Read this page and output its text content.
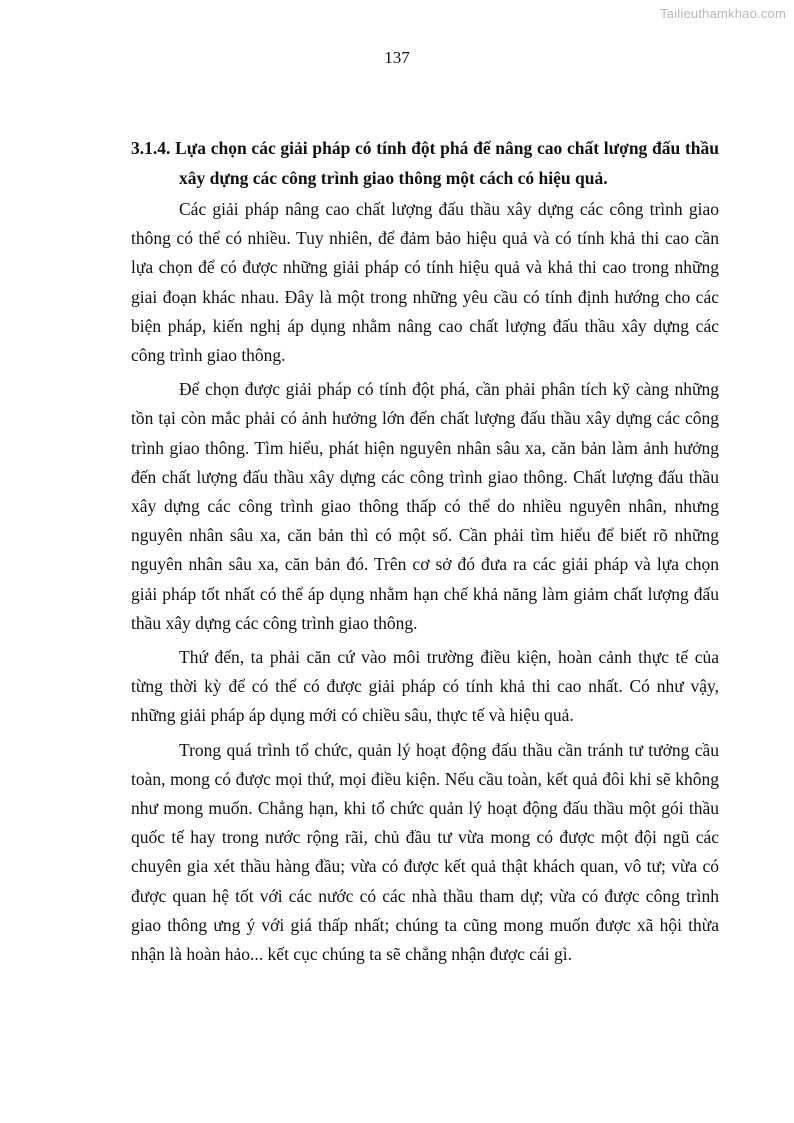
Tailieuthamkhao.com
137

3.1.4. Lựa chọn các giải pháp có tính đột phá để nâng cao chất lượng đấu thầu xây dựng các công trình giao thông một cách có hiệu quả.

Các giải pháp nâng cao chất lượng đấu thầu xây dựng các công trình giao thông có thể có nhiều. Tuy nhiên, để đảm bảo hiệu quả và có tính khả thi cao cần lựa chọn để có được những giải pháp có tính hiệu quả và khả thi cao trong những giai đoạn khác nhau. Đây là một trong những yêu cầu có tính định hướng cho các biện pháp, kiến nghị áp dụng nhằm nâng cao chất lượng đấu thầu xây dựng các công trình giao thông.

Để chọn được giải pháp có tính đột phá, cần phải phân tích kỹ càng những tồn tại còn mắc phải có ảnh hưởng lớn đến chất lượng đấu thầu xây dựng các công trình giao thông. Tìm hiểu, phát hiện nguyên nhân sâu xa, căn bản làm ảnh hưởng đến chất lượng đấu thầu xây dựng các công trình giao thông. Chất lượng đấu thầu xây dựng các công trình giao thông thấp có thể do nhiều nguyên nhân, nhưng nguyên nhân sâu xa, căn bản thì có một số. Cần phải tìm hiểu để biết rõ những nguyên nhân sâu xa, căn bản đó. Trên cơ sở đó đưa ra các giải pháp và lựa chọn giải pháp tốt nhất có thể áp dụng nhằm hạn chế khả năng làm giảm chất lượng đấu thầu xây dựng các công trình giao thông.

Thứ đến, ta phải căn cứ vào môi trường điều kiện, hoàn cảnh thực tế của từng thời kỳ để có thể có được giải pháp có tính khả thi cao nhất. Có như vậy, những giải pháp áp dụng mới có chiều sâu, thực tế và hiệu quả.

Trong quá trình tổ chức, quản lý hoạt động đấu thầu cần tránh tư tưởng cầu toàn, mong có được mọi thứ, mọi điều kiện. Nếu cầu toàn, kết quả đôi khi sẽ không như mong muốn. Chẳng hạn, khi tổ chức quản lý hoạt động đấu thầu một gói thầu quốc tế hay trong nước rộng rãi, chủ đầu tư vừa mong có được một đội ngũ các chuyên gia xét thầu hàng đầu; vừa có được kết quả thật khách quan, vô tư; vừa có được quan hệ tốt với các nước có các nhà thầu tham dự; vừa có được công trình giao thông ưng ý với giá thấp nhất; chúng ta cũng mong muốn được xã hội thừa nhận là hoàn hảo... kết cục chúng ta sẽ chẳng nhận được cái gì.
